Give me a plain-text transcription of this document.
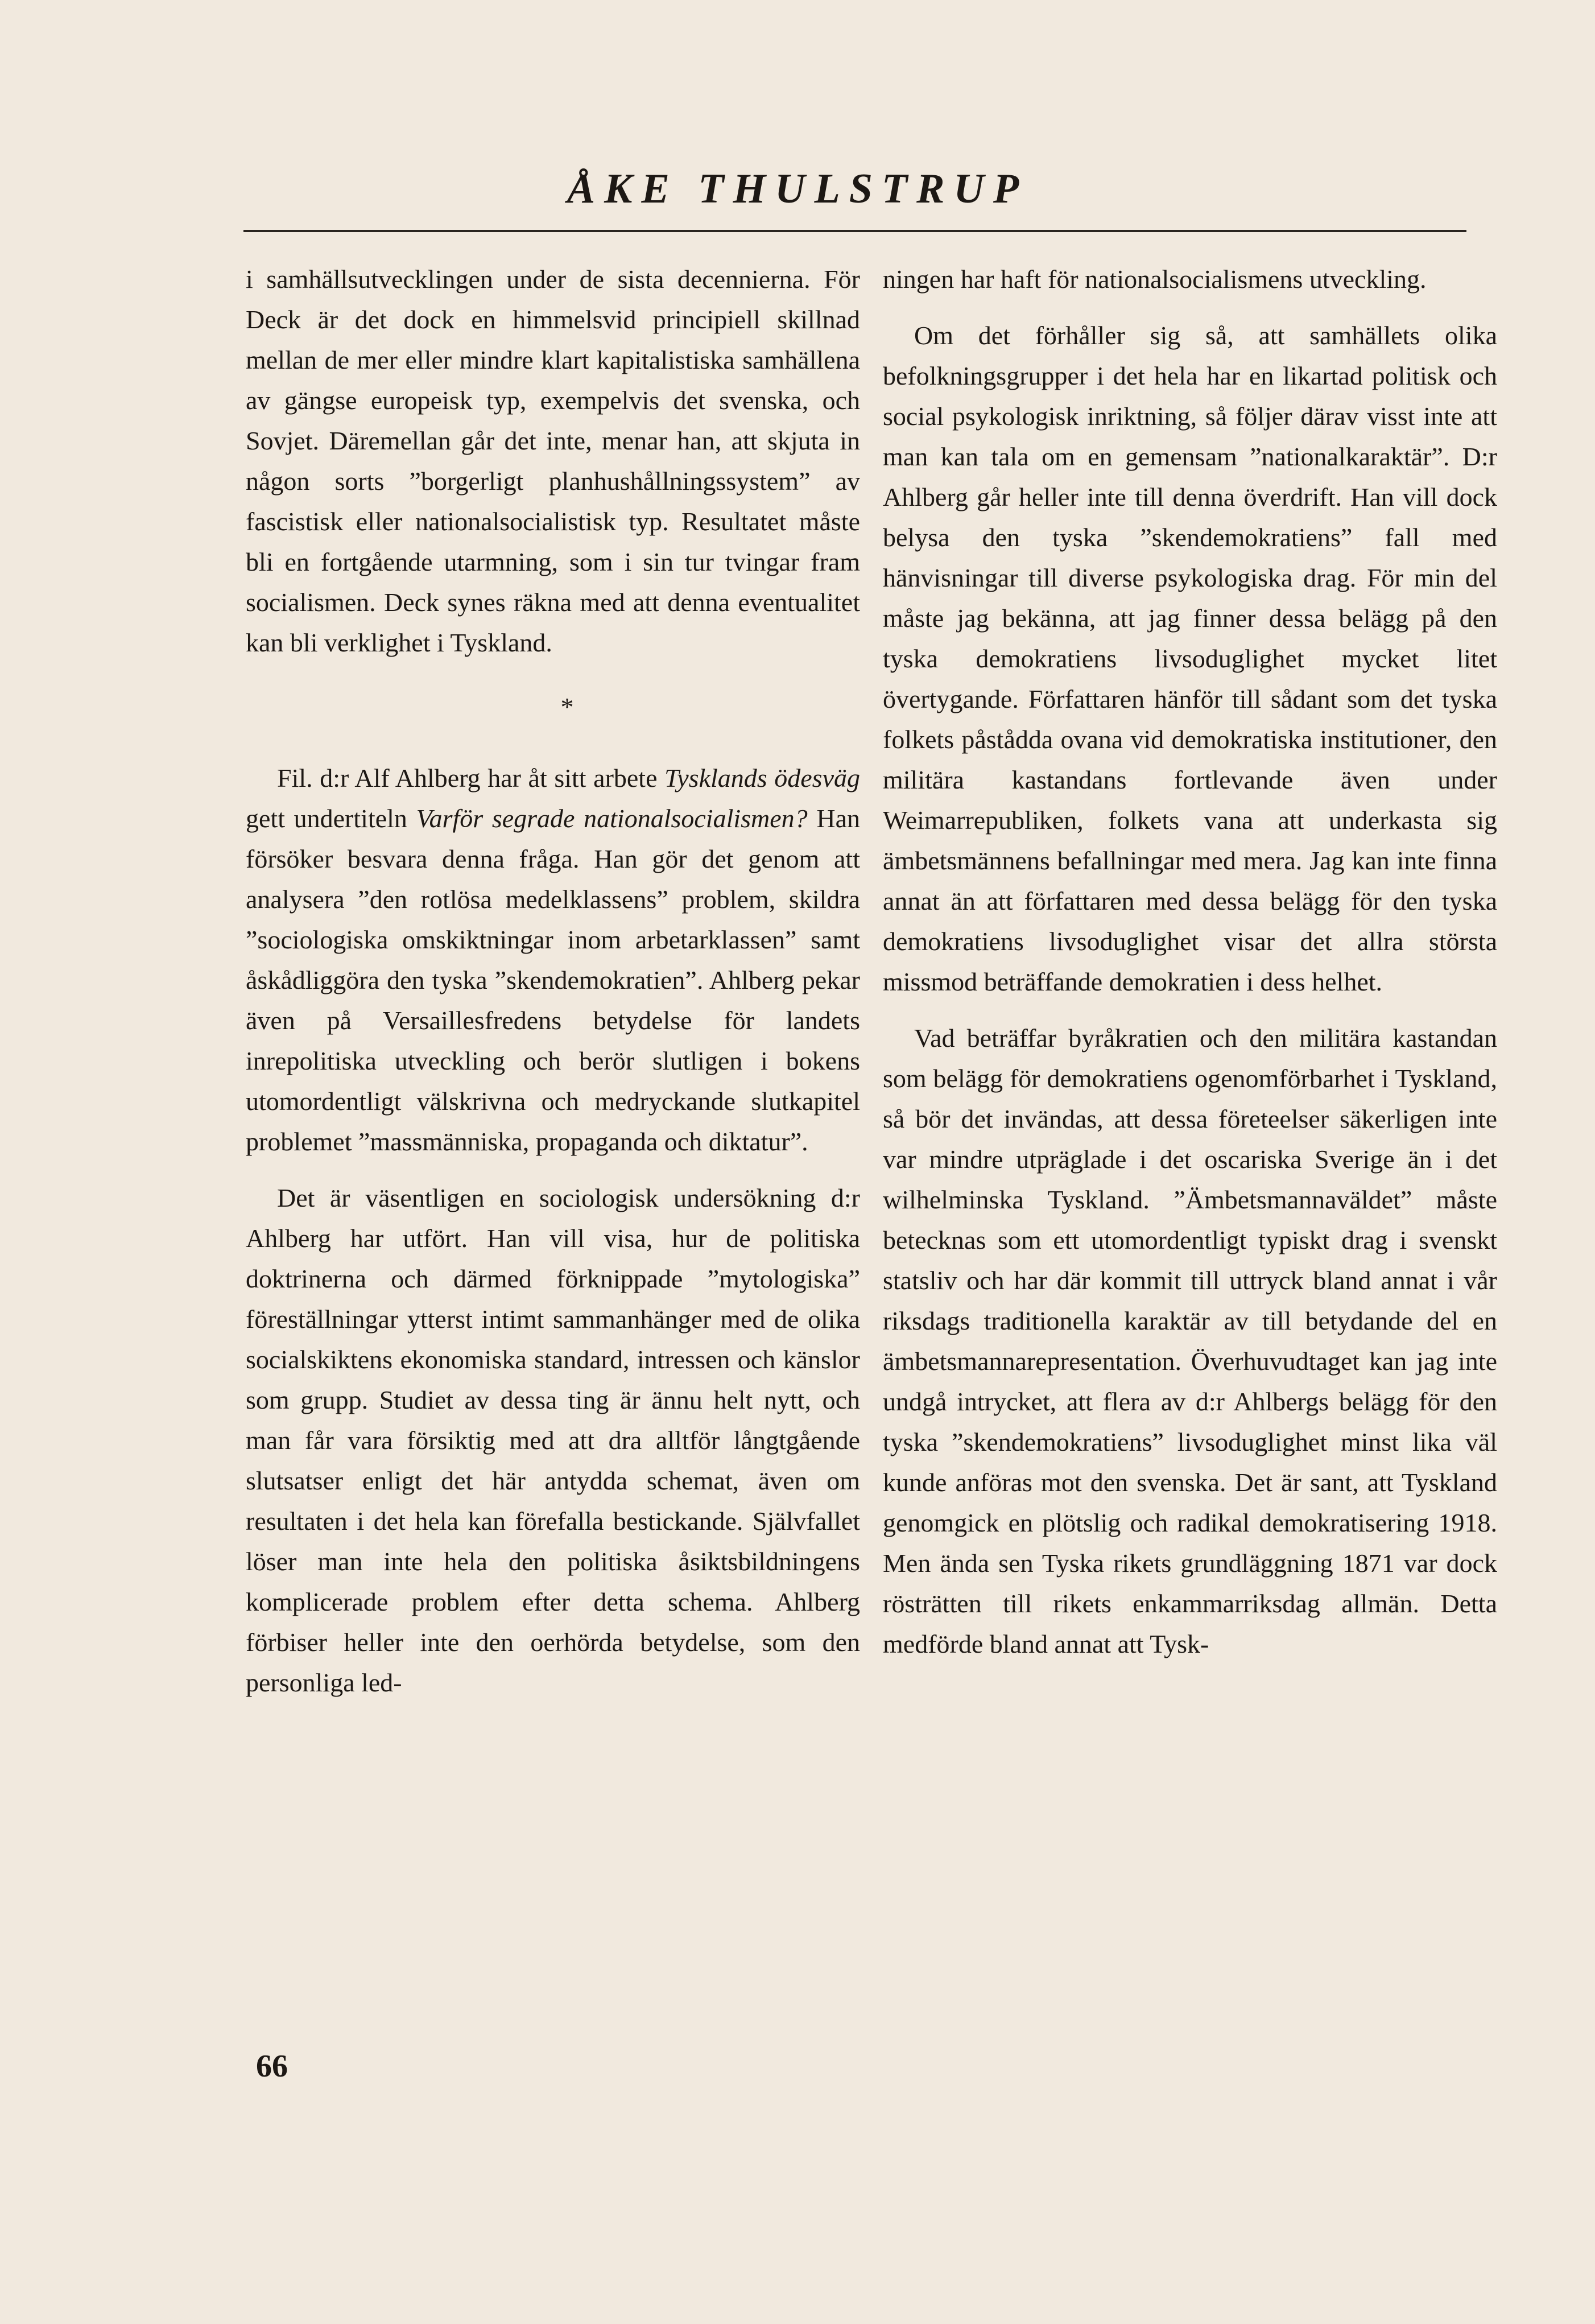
ÅKE THULSTRUP

i samhällsutvecklingen under de sista decennierna. För Deck är det dock en himmelsvid principiell skillnad mellan de mer eller mindre klart kapitalistiska samhällena av gängse europeisk typ, exempelvis det svenska, och Sovjet. Däremellan går det inte, menar han, att skjuta in någon sorts ”borgerligt planhushållningssystem” av fascistisk eller nationalsocialistisk typ. Resultatet måste bli en fortgående utarmning, som i sin tur tvingar fram socialismen. Deck synes räkna med att denna eventualitet kan bli verklighet i Tyskland.

*

Fil. d:r Alf Ahlberg har åt sitt arbete Tysklands ödesväg gett undertiteln Varför segrade nationalsocialismen? Han försöker besvara denna fråga. Han gör det genom att analysera ”den rotlösa medelklassens” problem, skildra ”sociologiska omskiktningar inom arbetarklassen” samt åskådliggöra den tyska ”skendemokratien”. Ahlberg pekar även på Versaillesfredens betydelse för landets inrepolitiska utveckling och berör slutligen i bokens utomordentligt välskrivna och medryckande slutkapitel problemet ”massmänniska, propaganda och diktatur”.

Det är väsentligen en sociologisk undersökning d:r Ahlberg har utfört. Han vill visa, hur de politiska doktrinerna och därmed förknippade ”mytologiska” föreställningar ytterst intimt sammanhänger med de olika socialskiktens ekonomiska standard, intressen och känslor som grupp. Studiet av dessa ting är ännu helt nytt, och man får vara försiktig med att dra alltför långtgående slutsatser enligt det här antydda schemat, även om resultaten i det hela kan förefalla bestickande. Självfallet löser man inte hela den politiska åsiktsbildningens komplicerade problem efter detta schema. Ahlberg förbiser heller inte den oerhörda betydelse, som den personliga led-

ningen har haft för nationalsocialismens utveckling.

Om det förhåller sig så, att samhällets olika befolkningsgrupper i det hela har en likartad politisk och social psykologisk inriktning, så följer därav visst inte att man kan tala om en gemensam ”nationalkaraktär”. D:r Ahlberg går heller inte till denna överdrift. Han vill dock belysa den tyska ”skendemokratiens” fall med hänvisningar till diverse psykologiska drag. För min del måste jag bekänna, att jag finner dessa belägg på den tyska demokratiens livsoduglighet mycket litet övertygande. Författaren hänför till sådant som det tyska folkets påstådda ovana vid demokratiska institutioner, den militära kastandans fortlevande även under Weimarrepubliken, folkets vana att underkasta sig ämbetsmännens befallningar med mera. Jag kan inte finna annat än att författaren med dessa belägg för den tyska demokratiens livsoduglighet visar det allra största missmod beträffande demokratien i dess helhet.

Vad beträffar byråkratien och den militära kastandan som belägg för demokratiens ogenomförbarhet i Tyskland, så bör det invändas, att dessa företeelser säkerligen inte var mindre utpräglade i det oscariska Sverige än i det wilhelminska Tyskland. ”Ämbetsmannaväldet” måste betecknas som ett utomordentligt typiskt drag i svenskt statsliv och har där kommit till uttryck bland annat i vår riksdags traditionella karaktär av till betydande del en ämbetsmannarepresentation. Överhuvudtaget kan jag inte undgå intrycket, att flera av d:r Ahlbergs belägg för den tyska ”skendemokratiens” livsoduglighet minst lika väl kunde anföras mot den svenska. Det är sant, att Tyskland genomgick en plötslig och radikal demokratisering 1918. Men ända sen Tyska rikets grundläggning 1871 var dock rösträtten till rikets enkammarriksdag allmän. Detta medförde bland annat att Tysk-

66
